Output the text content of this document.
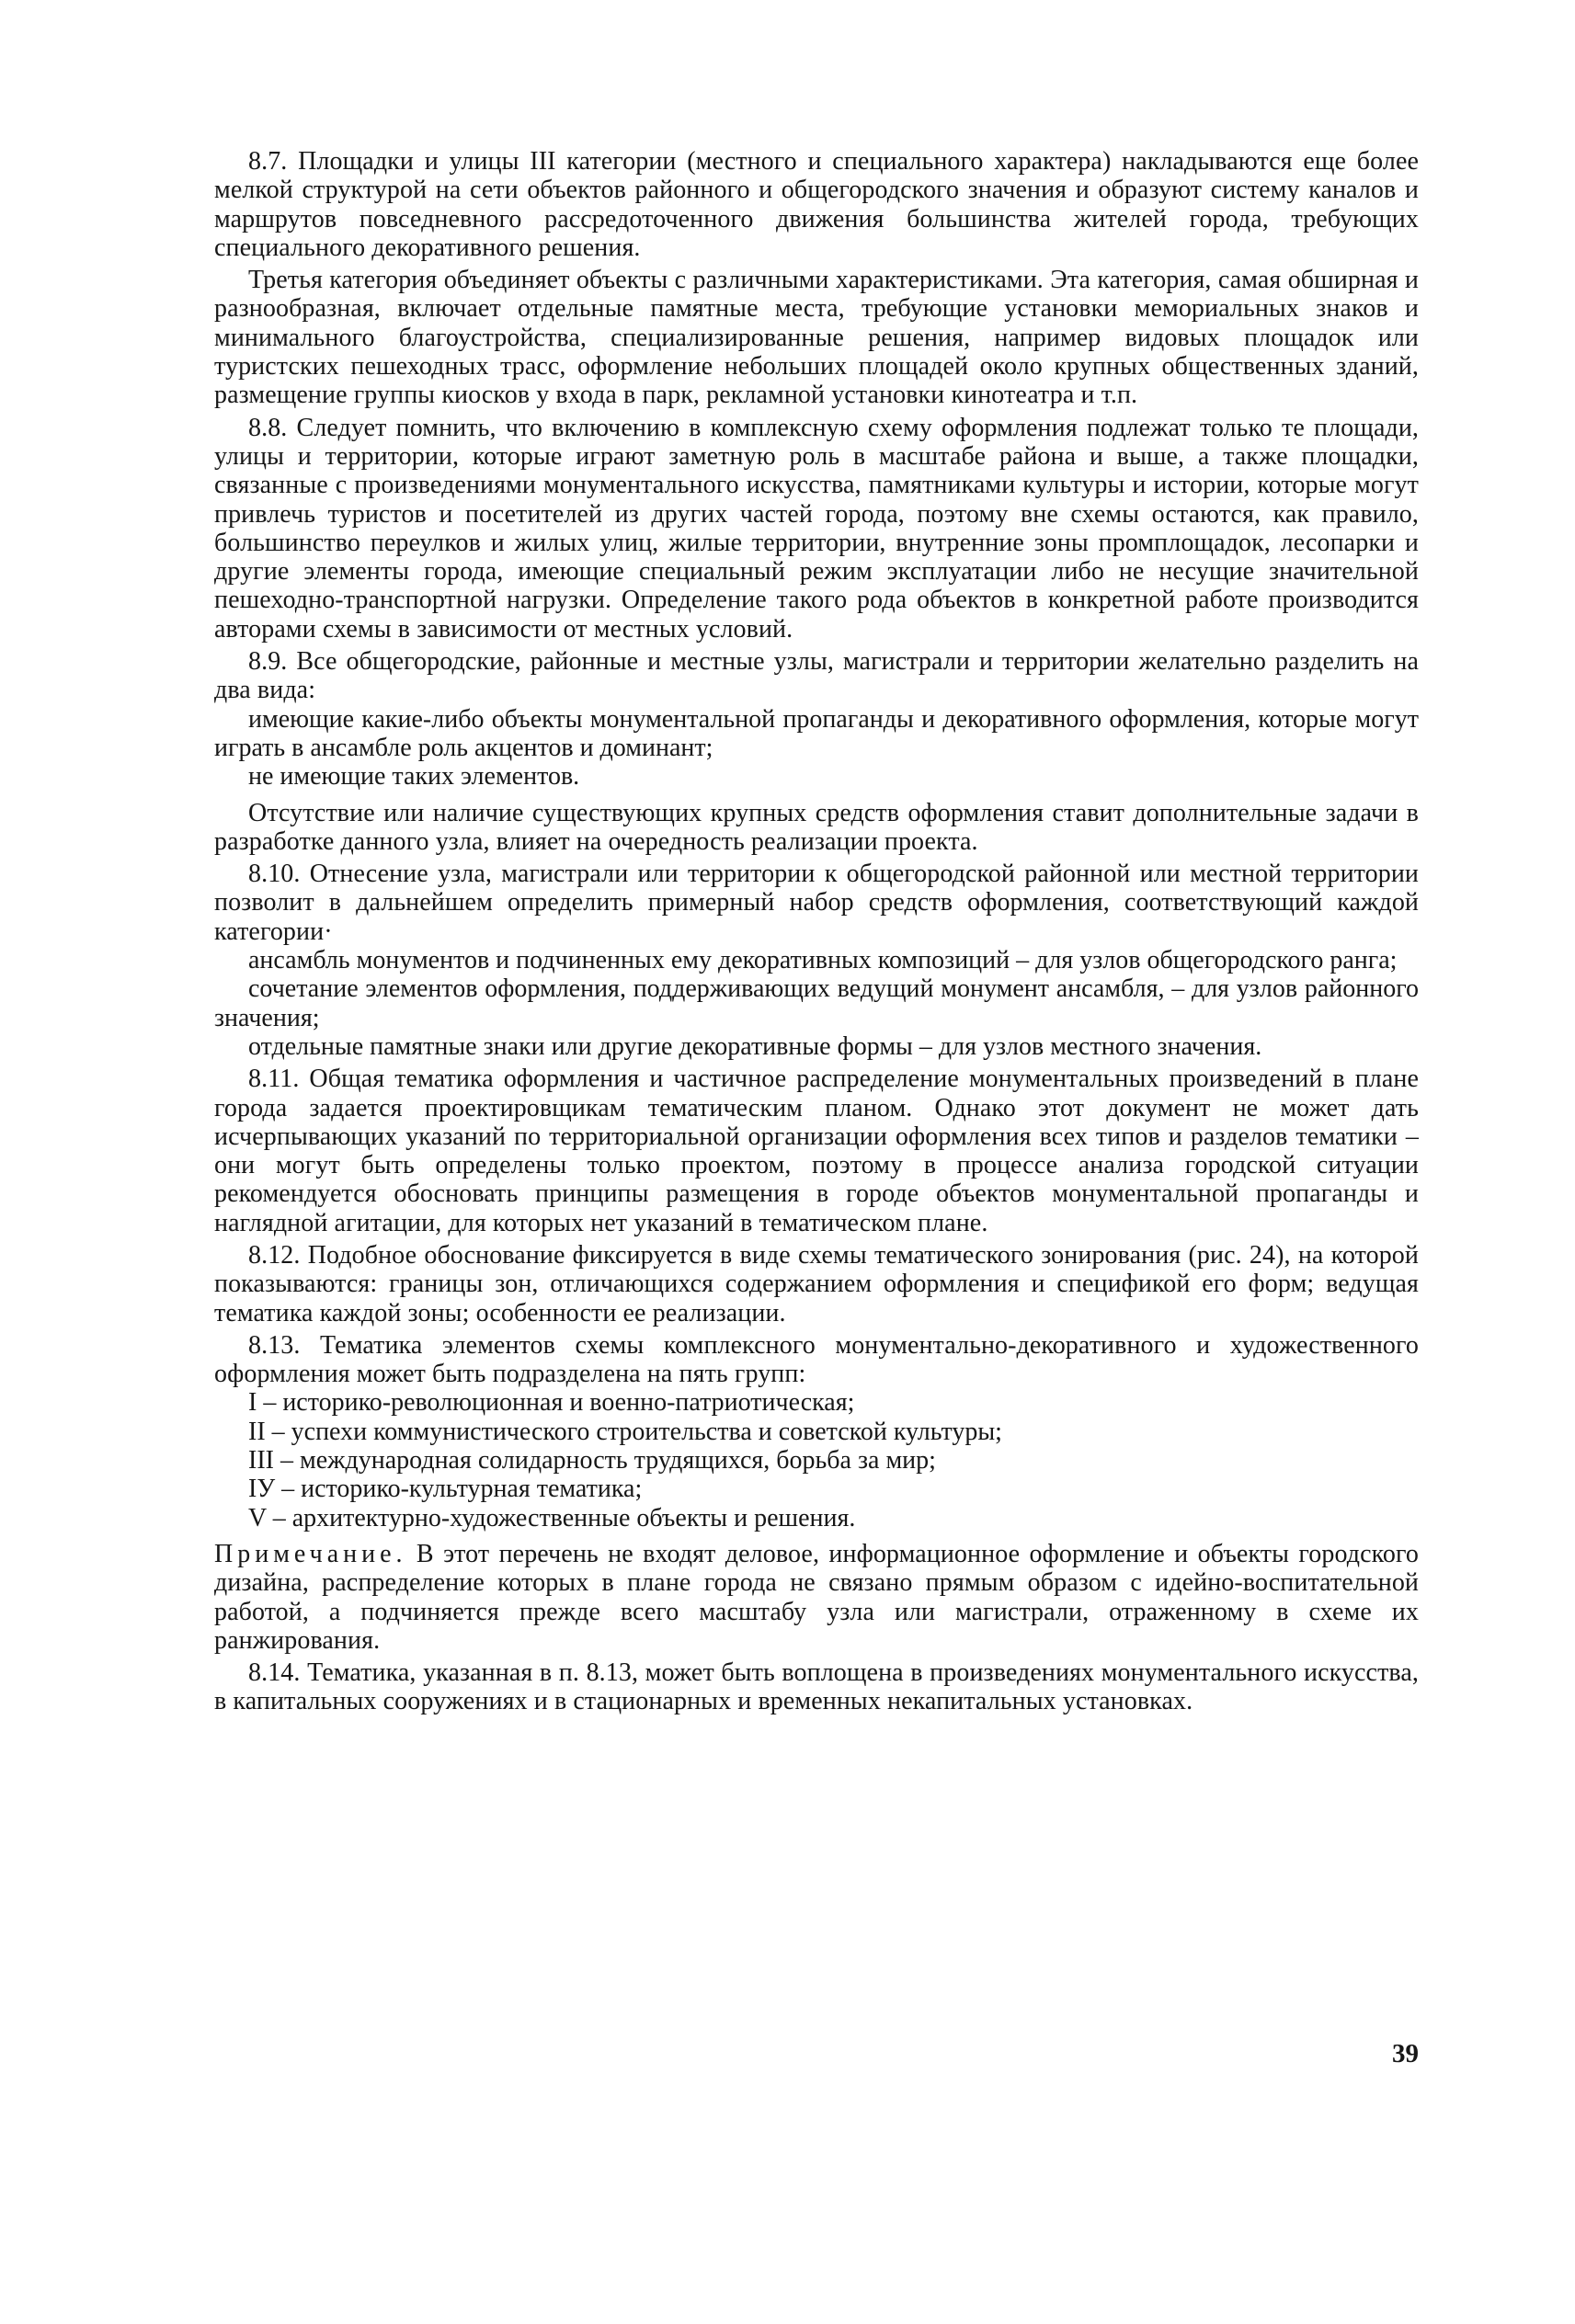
8.7. Площадки и улицы III категории (местного и специального характера) накладываются еще более мелкой структурой на сети объектов районного и общегородского значения и образуют систему каналов и маршрутов повседневного рассредоточенного движения большинства жителей города, требующих специального декоративного решения.

Третья категория объединяет объекты с различными характеристиками. Эта категория, самая обширная и разнообразная, включает отдельные памятные места, требующие установки мемориальных знаков и минимального благоустройства, специализированные решения, например видовых площадок или туристских пешеходных трасс, оформление небольших площадей около крупных общественных зданий, размещение группы киосков у входа в парк, рекламной установки кинотеатра и т.п.

8.8. Следует помнить, что включению в комплексную схему оформления подлежат только те площади, улицы и территории, которые играют заметную роль в масштабе района и выше, а также площадки, связанные с произведениями монументального искусства, памятниками культуры и истории, которые могут привлечь туристов и посетителей из других частей города, поэтому вне схемы остаются, как правило, большинство переулков и жилых улиц, жилые территории, внутренние зоны промплощадок, лесопарки и другие элементы города, имеющие специальный режим эксплуатации либо не несущие значительной пешеходно-транспортной нагрузки. Определение такого рода объектов в конкретной работе производится авторами схемы в зависимости от местных условий.

8.9. Все общегородские, районные и местные узлы, магистрали и территории желательно разделить на два вида:

имеющие какие-либо объекты монументальной пропаганды и декоративного оформления, которые могут играть в ансамбле роль акцентов и доминант;

не имеющие таких элементов.

Отсутствие или наличие существующих крупных средств оформления ставит дополнительные задачи в разработке данного узла, влияет на очередность реализации проекта.

8.10. Отнесение узла, магистрали или территории к общегородской районной или местной территории позволит в дальнейшем определить примерный набор средств оформления, соответствующий каждой категории·

ансамбль монументов и подчиненных ему декоративных композиций – для узлов общегородского ранга;

сочетание элементов оформления, поддерживающих ведущий монумент ансамбля, – для узлов районного значения;

отдельные памятные знаки или другие декоративные формы – для узлов местного значения.

8.11. Общая тематика оформления и частичное распределение монументальных произведений в плане города задается проектировщикам тематическим планом. Однако этот документ не может дать исчерпывающих указаний по территориальной организации оформления всех типов и разделов тематики – они могут быть определены только проектом, поэтому в процессе анализа городской ситуации рекомендуется обосновать принципы размещения в городе объектов монументальной пропаганды и наглядной агитации, для которых нет указаний в тематическом плане.

8.12. Подобное обоснование фиксируется в виде схемы тематического зонирования (рис. 24), на которой показываются: границы зон, отличающихся содержанием оформления и спецификой его форм; ведущая тематика каждой зоны; особенности ее реализации.

8.13. Тематика элементов схемы комплексного монументально-декоративного и художественного оформления может быть подразделена на пять групп:

I – историко-революционная и военно-патриотическая;

II – успехи коммунистического строительства и советской культуры;

III – международная солидарность трудящихся, борьба за мир;

IУ – историко-культурная тематика;

V – архитектурно-художественные объекты и решения.

Примечание. В этот перечень не входят деловое, информационное оформление и объекты городского дизайна, распределение которых в плане города не связано прямым образом с идейно-воспитательной работой, а подчиняется прежде всего масштабу узла или магистрали, отраженному в схеме их ранжирования.

8.14. Тематика, указанная в п. 8.13, может быть воплощена в произведениях монументального искусства, в капитальных сооружениях и в стационарных и временных некапитальных установках.

39
